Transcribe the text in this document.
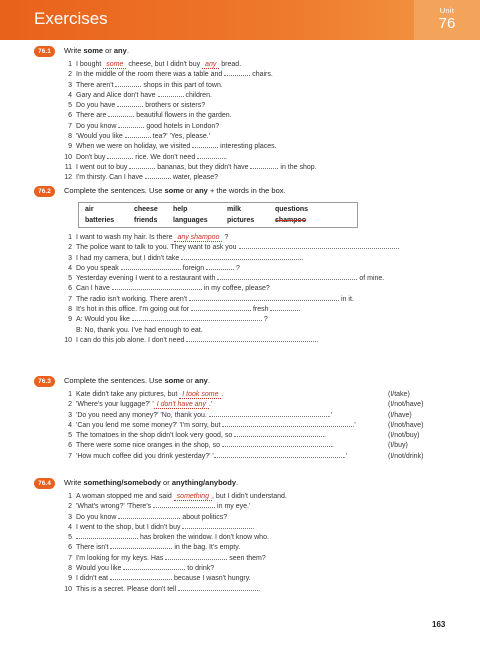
Exercises	Unit
76
76.1	Write some or any.
1 I bought some cheese, but I didn't buy any bread.
2 In the middle of the room there was a table and	chairs.
3 There aren't	shops in this part of town.
4 Gary and Alice don't have	children.
5 Do you have	brothers or sisters?
6 There are	beautiful flowers in the garden.
7 Do you know	good hotels in London?
8 'Would you like	tea?' 'Yes, please.'
9 When we were on holiday, we visited	interesting places.
10 Don't buy	rice. We don't need	.
11 I went out to buy	bananas, but they didn't have	in the shop.
12 I'm thirsty. Can I have	water, please?
76.2	Complete the sentences. Use some or any + the words in the box.
air	cheese help	milk	questions
batteries	friends languages	pictures	shampoo
1 I want to wash my hair. Is there any shampoo ?
2 The police want to talk to you. They want to ask you
3 I had my camera, but I didn't take	.
4 Do you speak	foreign	?
5 Yesterday evening I went to a restaurant with	of mine.
6 Can I have	in my coffee, please?
7 The radio isn't working. There aren't	in it.
8 It's hot in this office. I'm going out for	fresh	.
9 A: Would you like	?
B: No, thank you. I've had enough to eat.
10 I can do this job alone. I don't need	.
76.3	Complete the sentences. Use some or any.
1 Kate didn't take any pictures, but I took some .	(I/take)
2 'Where's your luggage?' ' I don't have any .'	(I/not/have)
3 'Do you need any money?' 'No, thank you.	.'	(I/have)
4 'Can you lend me some money?' 'I'm sorry, but	.'	(I/not/have)
5 The tomatoes in the shop didn't look very good, so	.	(I/not/buy)
6 There were some nice oranges in the shop, so	.	(I/buy)
7 'How much coffee did you drink yesterday?' '	.'	(I/not/drink)
76.4	Write something/somebody or anything/anybody.
1 A woman stopped me and said something , but I didn't understand.
2 'What's wrong?' 'There's	in my eye.'
3 Do you know	about politics?
4 I went to the shop, but I didn't buy	.
5	has broken the window. I don't know who.
6 There isn't	in the bag. It's empty.
7 I'm looking for my keys. Has	seen them?
8 Would you like	to drink?
9 I didn't eat	because I wasn't hungry.
10 This is a secret. Please don't tell	.
163
